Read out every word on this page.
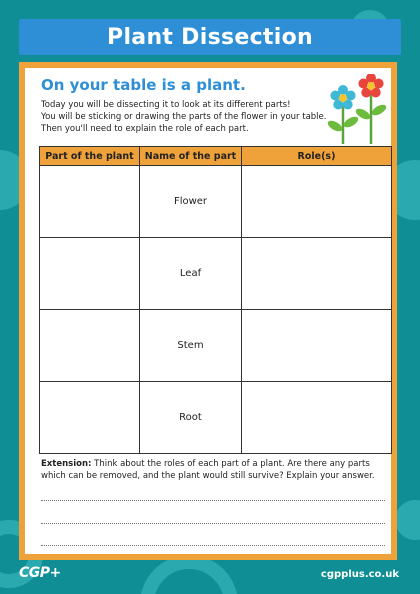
Plant Dissection
On your table is a plant.
Today you will be dissecting it to look at its different parts!
You will be sticking or drawing the parts of the flower in your table.
Then you'll need to explain the role of each part.
Part of the plant	Name of the part	Role(s)
	Flower	
	Leaf	
	Stem	
	Root	
Extension: Think about the roles of each part of a plant. Are there any parts which can be removed, and the plant would still survive? Explain your answer.
CGP+	cgpplus.co.uk
